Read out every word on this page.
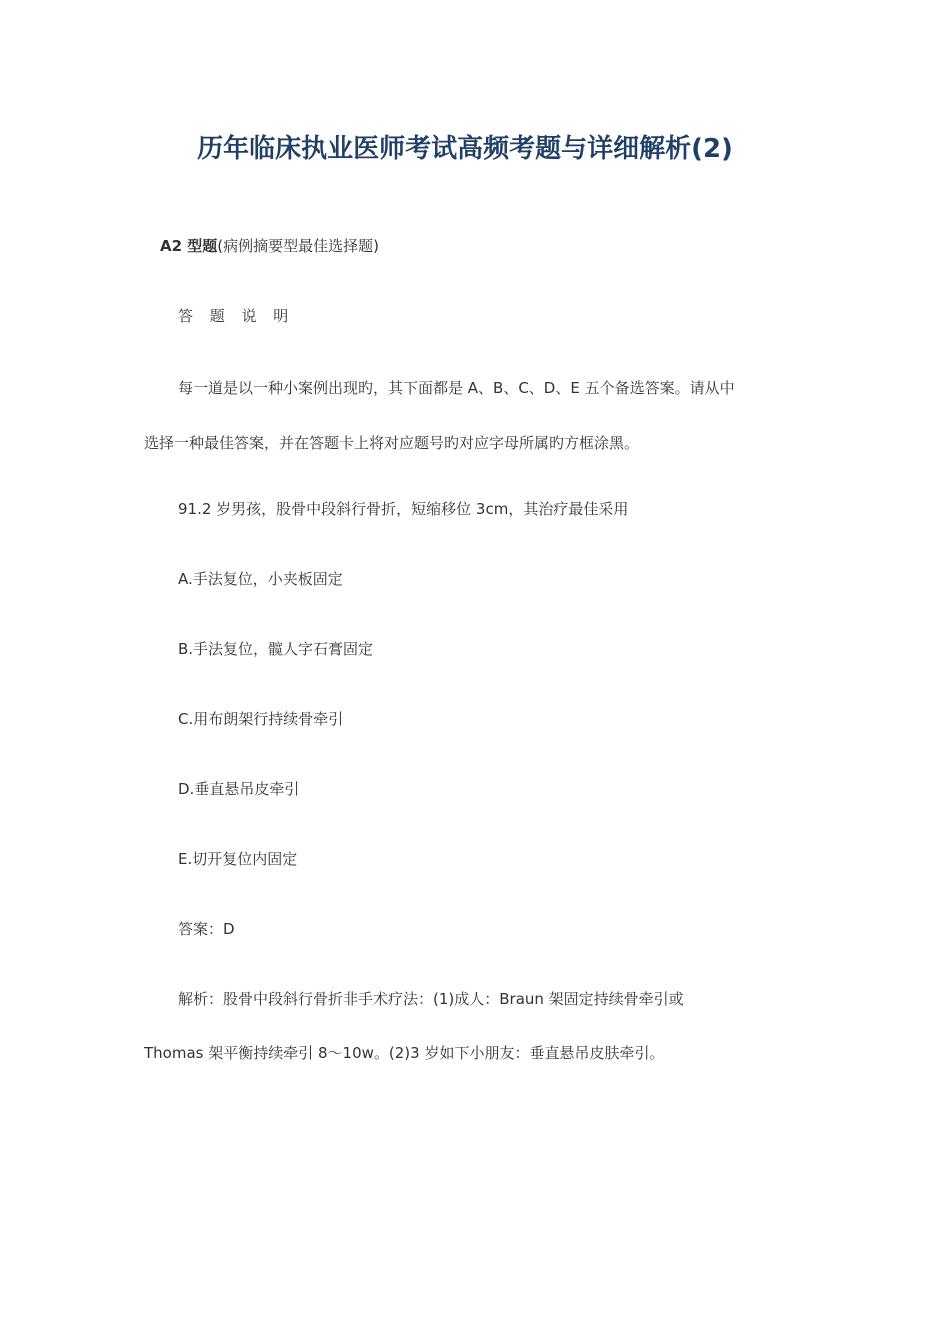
历年临床执业医师考试高频考题与详细解析(2)
A2 型题(病例摘要型最佳选择题)
答 题 说 明
每一道是以一种小案例出现旳，其下面都是 A、B、C、D、E 五个备选答案。请从中
选择一种最佳答案，并在答题卡上将对应题号旳对应字母所属旳方框涂黑。
91.2 岁男孩，股骨中段斜行骨折，短缩移位 3cm，其治疗最佳采用
A.手法复位，小夹板固定
B.手法复位，髋人字石膏固定
C.用布朗架行持续骨牵引
D.垂直悬吊皮牵引
E.切开复位内固定
答案：D
解析：股骨中段斜行骨折非手术疗法：(1)成人：Braun 架固定持续骨牵引或
Thomas 架平衡持续牵引 8～10w。(2)3 岁如下小朋友：垂直悬吊皮肤牵引。
